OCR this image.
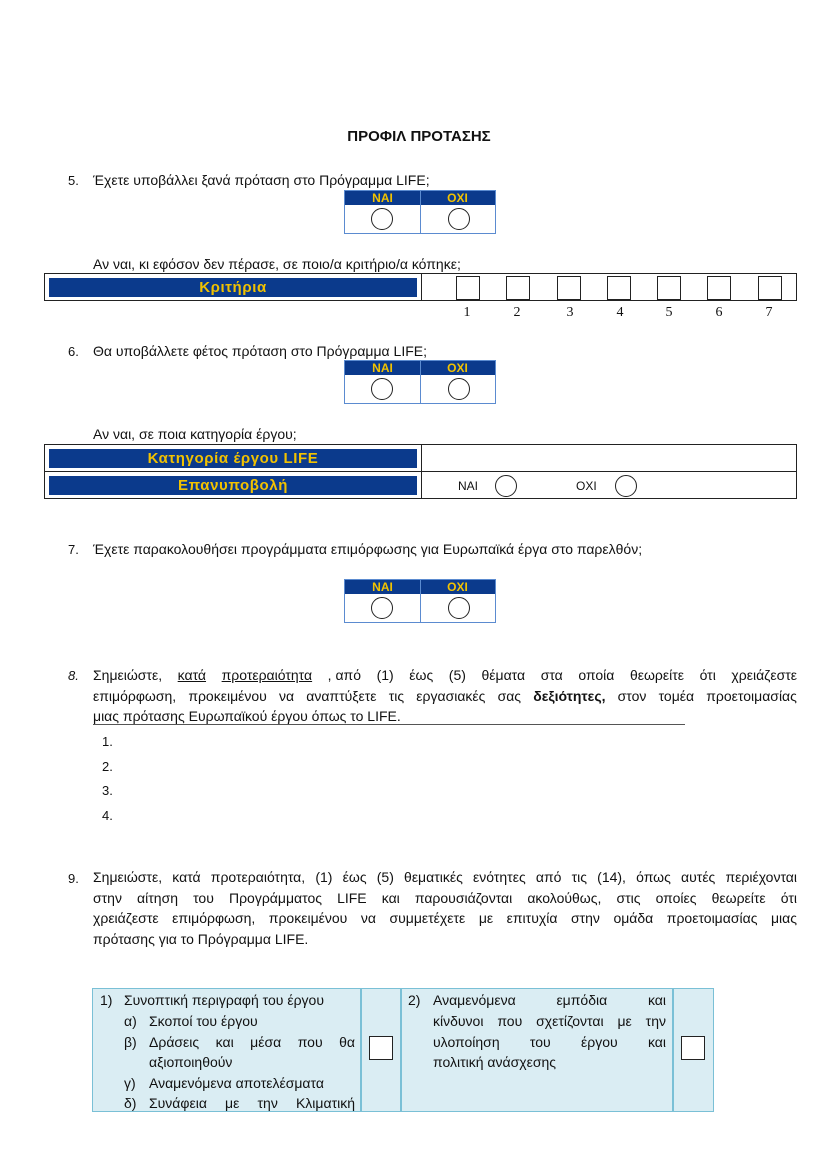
ΠΡΟΦΙΛ ΠΡΟΤΑΣΗΣ
5. Έχετε υποβάλλει ξανά πρόταση στο Πρόγραμμα LIFE;
ΝΑΙ	ΟΧΙ
Αν ναι, κι εφόσον δεν πέρασε, σε ποιο/α κριτήριο/α κόπηκε;
Κριτήρια
1	2	3	4	5	6	7
6. Θα υποβάλλετε φέτος πρόταση στο Πρόγραμμα LIFE;
ΝΑΙ	ΟΧΙ
Αν ναι, σε ποια κατηγορία έργου;
Κατηγορία έργου LIFE
Επανυποβολή	ΝΑΙ	ΟΧΙ
7. Έχετε παρακολουθήσει προγράμματα επιμόρφωσης για Ευρωπαϊκά έργα στο παρελθόν;
ΝΑΙ	ΟΧΙ
8. Σημειώστε, κατά προτεραιότητα , από (1) έως (5) θέματα στα οποία θεωρείτε ότι χρειάζεστε
επιμόρφωση, προκειμένου να αναπτύξετε τις εργασιακές σας δεξιότητες, στον τομέα προετοιμασίας
μιας πρότασης Ευρωπαϊκού έργου όπως το LIFE.
1.
2.
3.
4.
9. Σημειώστε, κατά προτεραιότητα, (1) έως (5) θεματικές ενότητες από τις (14), όπως αυτές περιέχονται
στην αίτηση του Προγράμματος LIFE και παρουσιάζονται ακολούθως, στις οποίες θεωρείτε ότι
χρειάζεστε επιμόρφωση, προκειμένου να συμμετέχετε με επιτυχία στην ομάδα προετοιμασίας μιας
πρότασης για το Πρόγραμμα LIFE.
1) Συνοπτική περιγραφή του έργου
α) Σκοποί του έργου
β) Δράσεις και μέσα που θα
αξιοποιηθούν
γ) Αναμενόμενα αποτελέσματα
δ) Συνάφεια με την Κλιματική
2) Αναμενόμενα εμπόδια και
κίνδυνοι που σχετίζονται με την
υλοποίηση του έργου και
πολιτική ανάσχεσης
